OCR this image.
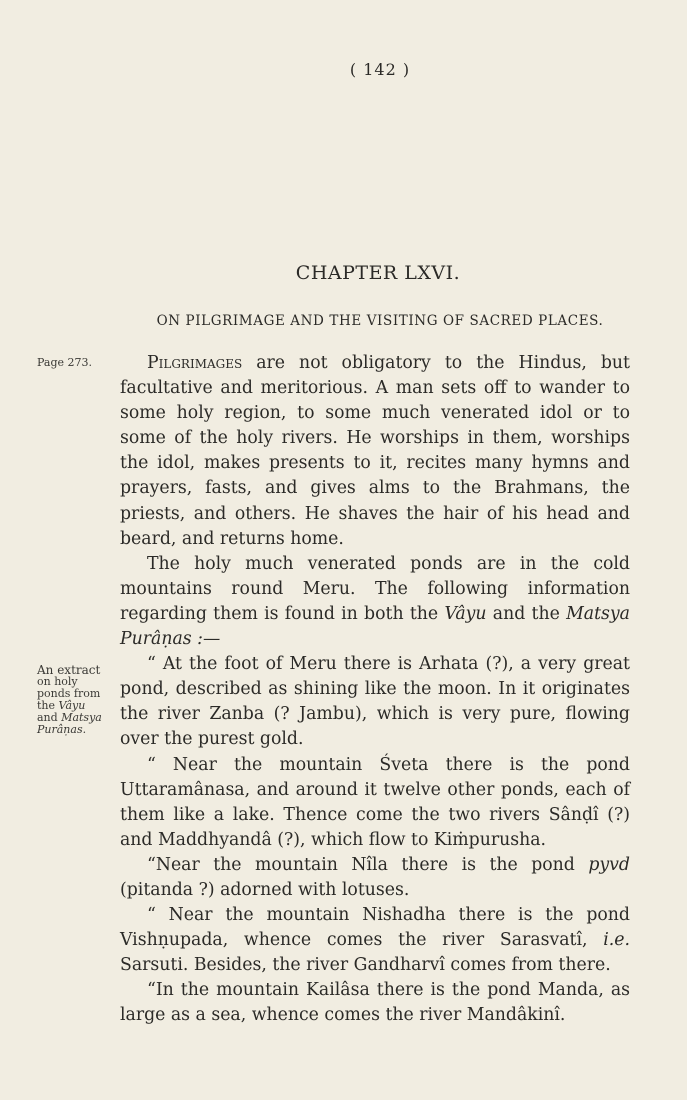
( 142 )
CHAPTER LXVI.
ON PILGRIMAGE AND THE VISITING OF SACRED PLACES.
Page 273.
An extract
on holy
ponds from
the Vâyu
and Matsya
Purâṇas.

Pilgrimages are not obligatory to the Hindus, but facultative and meritorious. A man sets off to wander to some holy region, to some much venerated idol or to some of the holy rivers. He worships in them, worships the idol, makes presents to it, recites many hymns and prayers, fasts, and gives alms to the Brahmans, the priests, and others. He shaves the hair of his head and beard, and returns home.

The holy much venerated ponds are in the cold mountains round Meru. The following information regarding them is found in both the Vâyu and the Matsya Purâṇas :—

“ At the foot of Meru there is Arhata (?), a very great pond, described as shining like the moon. In it originates the river Zanba (? Jambu), which is very pure, flowing over the purest gold.

“ Near the mountain Śveta there is the pond Uttaramânasa, and around it twelve other ponds, each of them like a lake. Thence come the two rivers Sânḍî (?) and Maddhyandâ (?), which flow to Kiṁpurusha.

“Near the mountain Nîla there is the pond pyvd (pitanda ?) adorned with lotuses.

“ Near the mountain Nishadha there is the pond Vishṇupada, whence comes the river Sarasvatî, i.e. Sarsuti. Besides, the river Gandharvî comes from there.

“In the mountain Kailâsa there is the pond Manda, as large as a sea, whence comes the river Mandâkinî.
